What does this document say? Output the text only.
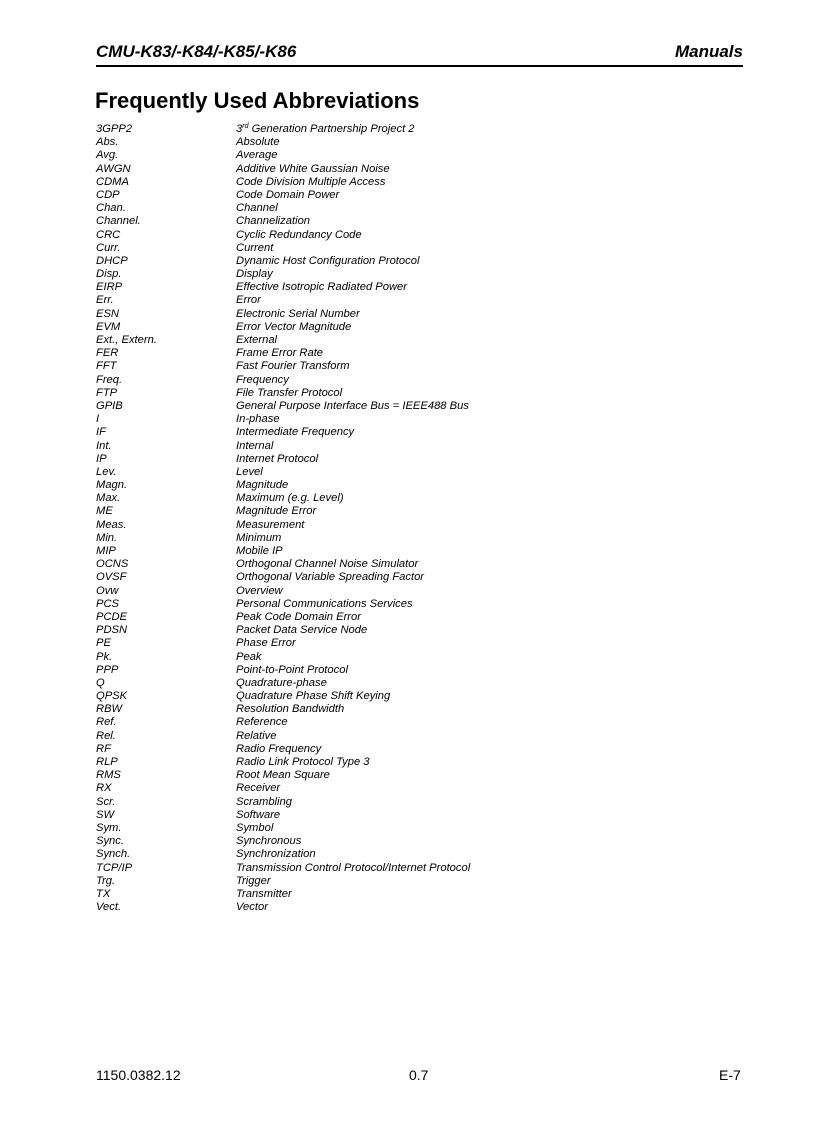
CMU-K83/-K84/-K85/-K86	Manuals
Frequently Used Abbreviations
3GPP2	3rd Generation Partnership Project 2
Abs.	Absolute
Avg.	Average
AWGN	Additive White Gaussian Noise
CDMA	Code Division Multiple Access
CDP	Code Domain Power
Chan.	Channel
Channel.	Channelization
CRC	Cyclic Redundancy Code
Curr.	Current
DHCP	Dynamic Host Configuration Protocol
Disp.	Display
EIRP	Effective Isotropic Radiated Power
Err.	Error
ESN	Electronic Serial Number
EVM	Error Vector Magnitude
Ext., Extern.	External
FER	Frame Error Rate
FFT	Fast Fourier Transform
Freq.	Frequency
FTP	File Transfer Protocol
GPIB	General Purpose Interface Bus = IEEE488 Bus
I	In-phase
IF	Intermediate Frequency
Int.	Internal
IP	Internet Protocol
Lev.	Level
Magn.	Magnitude
Max.	Maximum (e.g. Level)
ME	Magnitude Error
Meas.	Measurement
Min.	Minimum
MIP	Mobile IP
OCNS	Orthogonal Channel Noise Simulator
OVSF	Orthogonal Variable Spreading Factor
Ovw	Overview
PCS	Personal Communications Services
PCDE	Peak Code Domain Error
PDSN	Packet Data Service Node
PE	Phase Error
Pk.	Peak
PPP	Point-to-Point Protocol
Q	Quadrature-phase
QPSK	Quadrature Phase Shift Keying
RBW	Resolution Bandwidth
Ref.	Reference
Rel.	Relative
RF	Radio Frequency
RLP	Radio Link Protocol Type 3
RMS	Root Mean Square
RX	Receiver
Scr.	Scrambling
SW	Software
Sym.	Symbol
Sync.	Synchronous
Synch.	Synchronization
TCP/IP	Transmission Control Protocol/Internet Protocol
Trg.	Trigger
TX	Transmitter
Vect.	Vector
1150.0382.12	0.7	E-7
